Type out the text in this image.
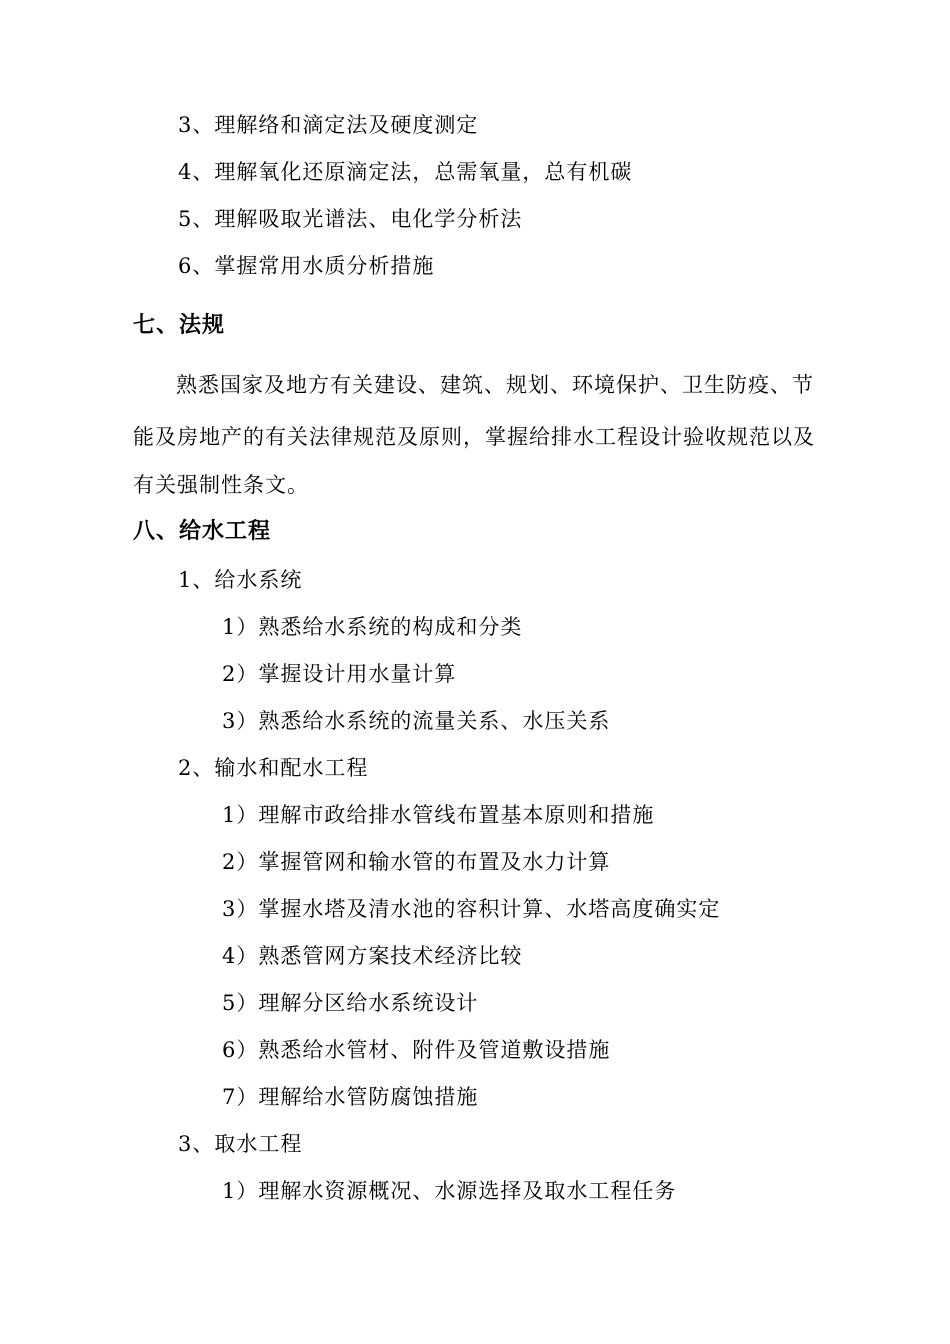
3、理解络和滴定法及硬度测定
4、理解氧化还原滴定法，总需氧量，总有机碳
5、理解吸取光谱法、电化学分析法
6、掌握常用水质分析措施
七、法规
熟悉国家及地方有关建设、建筑、规划、环境保护、卫生防疫、节
能及房地产的有关法律规范及原则，掌握给排水工程设计验收规范以及
有关强制性条文。
八、给水工程
1、给水系统
1）熟悉给水系统的构成和分类
2）掌握设计用水量计算
3）熟悉给水系统的流量关系、水压关系
2、输水和配水工程
1）理解市政给排水管线布置基本原则和措施
2）掌握管网和输水管的布置及水力计算
3）掌握水塔及清水池的容积计算、水塔高度确实定
4）熟悉管网方案技术经济比较
5）理解分区给水系统设计
6）熟悉给水管材、附件及管道敷设措施
7）理解给水管防腐蚀措施
3、取水工程
1）理解水资源概况、水源选择及取水工程任务
